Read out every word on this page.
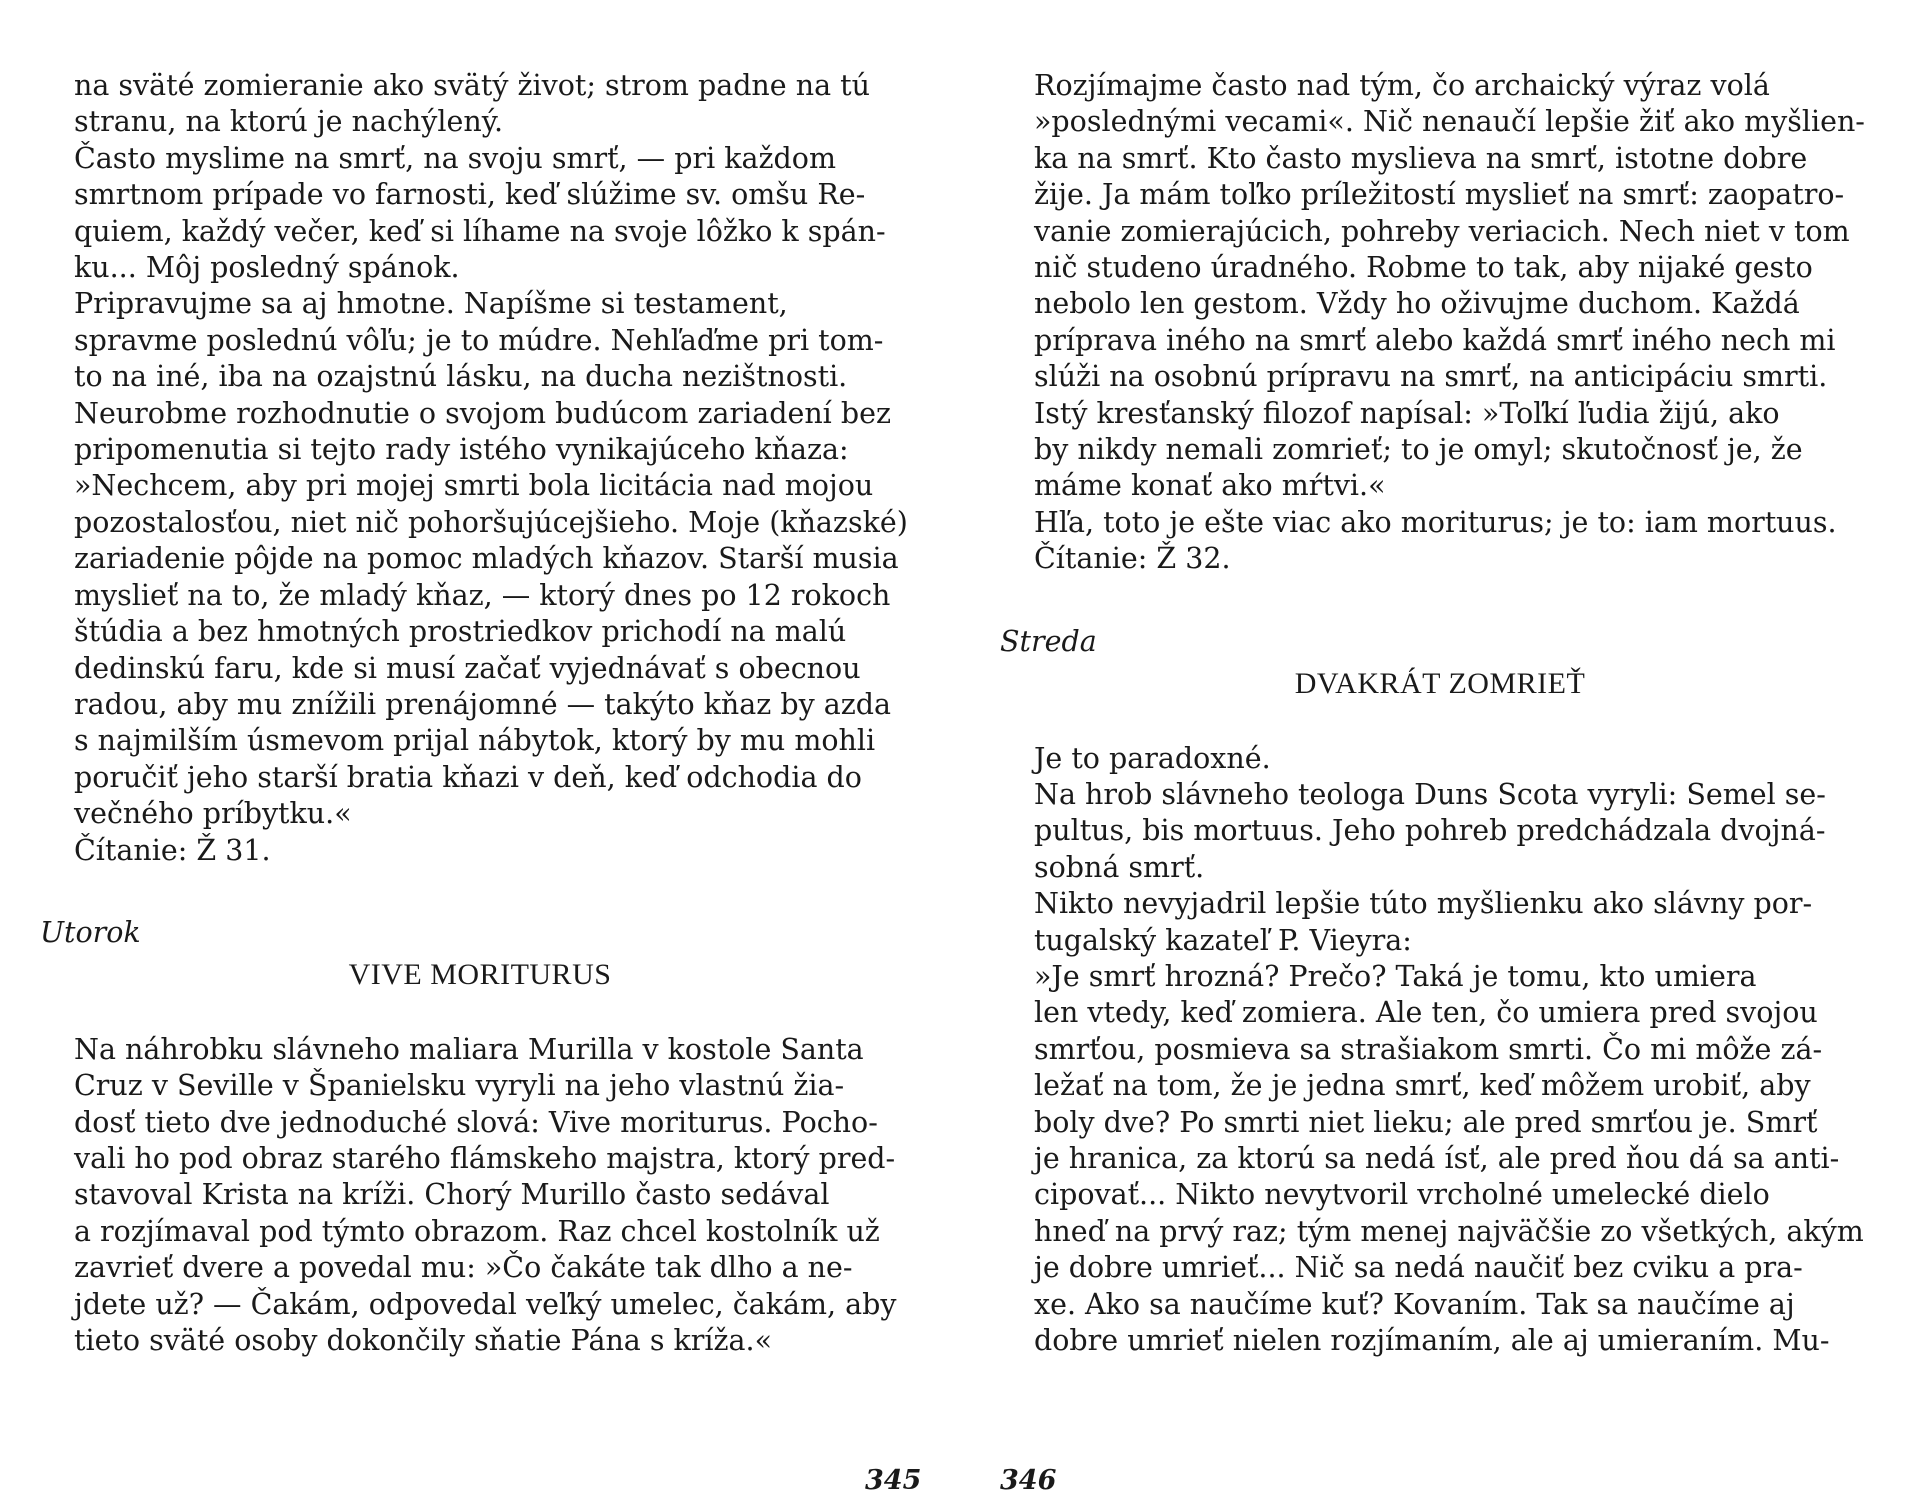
na sväté zomieranie ako svätý život; strom padne na tú
stranu, na ktorú je nachýlený.
Často myslime na smrť, na svoju smrť, — pri každom
smrtnom prípade vo farnosti, keď slúžime sv. omšu Re-
quiem, každý večer, keď si líhame na svoje lôžko k spán-
ku... Môj posledný spánok.
Pripravujme sa aj hmotne. Napíšme si testament,
spravme poslednú vôľu; je to múdre. Nehľaďme pri tom-
to na iné, iba na ozajstnú lásku, na ducha nezištnosti.
Neurobme rozhodnutie o svojom budúcom zariadení bez
pripomenutia si tejto rady istého vynikajúceho kňaza:
»Nechcem, aby pri mojej smrti bola licitácia nad mojou
pozostalosťou, niet nič pohoršujúcejšieho. Moje (kňazské)
zariadenie pôjde na pomoc mladých kňazov. Starší musia
myslieť na to, že mladý kňaz, — ktorý dnes po 12 rokoch
štúdia a bez hmotných prostriedkov prichodí na malú
dedinskú faru, kde si musí začať vyjednávať s obecnou
radou, aby mu znížili prenájomné — takýto kňaz by azda
s najmilším úsmevom prijal nábytok, ktorý by mu mohli
poručiť jeho starší bratia kňazi v deň, keď odchodia do
večného príbytku.«
Čítanie: Ž 31.
Utorok
VIVE MORITURUS
Na náhrobku slávneho maliara Murilla v kostole Santa
Cruz v Seville v Španielsku vyryli na jeho vlastnú žia-
dosť tieto dve jednoduché slová: Vive moriturus. Pocho-
vali ho pod obraz starého flámskeho majstra, ktorý pred-
stavoval Krista na kríži. Chorý Murillo často sedával
a rozjímaval pod týmto obrazom. Raz chcel kostolník už
zavrieť dvere a povedal mu: »Čo čakáte tak dlho a ne-
jdete už? — Čakám, odpovedal veľký umelec, čakám, aby
tieto sväté osoby dokončily sňatie Pána s kríža.«
345
Rozjímajme často nad tým, čo archaický výraz volá
»poslednými vecami«. Nič nenaučí lepšie žiť ako myšlien-
ka na smrť. Kto často myslieva na smrť, istotne dobre
žije. Ja mám toľko príležitostí myslieť na smrť: zaopatro-
vanie zomierajúcich, pohreby veriacich. Nech niet v tom
nič studeno úradného. Robme to tak, aby nijaké gesto
nebolo len gestom. Vždy ho oživujme duchom. Každá
príprava iného na smrť alebo každá smrť iného nech mi
slúži na osobnú prípravu na smrť, na anticipáciu smrti.
Istý kresťanský filozof napísal: »Toľkí ľudia žijú, ako
by nikdy nemali zomrieť; to je omyl; skutočnosť je, že
máme konať ako mŕtvi.«
Hľa, toto je ešte viac ako moriturus; je to: iam mortuus.
Čítanie: Ž 32.
Streda
DVAKRÁT ZOMRIEŤ
Je to paradoxné.
Na hrob slávneho teologa Duns Scota vyryli: Semel se-
pultus, bis mortuus. Jeho pohreb predchádzala dvojná-
sobná smrť.
Nikto nevyjadril lepšie túto myšlienku ako slávny por-
tugalský kazateľ P. Vieyra:
»Je smrť hrozná? Prečo? Taká je tomu, kto umiera
len vtedy, keď zomiera. Ale ten, čo umiera pred svojou
smrťou, posmieva sa strašiakom smrti. Čo mi môže zá-
ležať na tom, že je jedna smrť, keď môžem urobiť, aby
boly dve? Po smrti niet lieku; ale pred smrťou je. Smrť
je hranica, za ktorú sa nedá ísť, ale pred ňou dá sa anti-
cipovať... Nikto nevytvoril vrcholné umelecké dielo
hneď na prvý raz; tým menej najväčšie zo všetkých, akým
je dobre umrieť... Nič sa nedá naučiť bez cviku a pra-
xe. Ako sa naučíme kuť? Kovaním. Tak sa naučíme aj
dobre umrieť nielen rozjímaním, ale aj umieraním. Mu-
346
